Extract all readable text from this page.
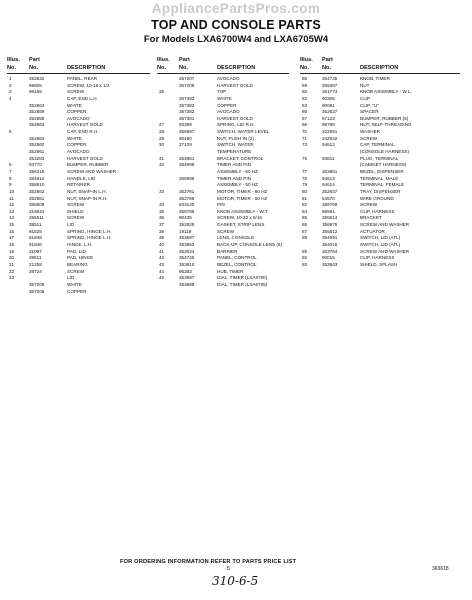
AppliancePartsPros.com
TOP AND CONSOLE PARTS
For Models LXA6700W4 and LXA6705W4
Illus.
No.
Part
No.	DESCRIPTION
1	353632	PANEL, REAR
2	98505	SCREW, 10-16 x 1/2
3	98159	SCREW
4	CAP, END L.H.
352863	WHITE
352859	COPPER
352858	AVOCADO
352863	HARVEST GOLD
5	CAP, END R.H.
352862	WHITE
352860	COPPER
352861	AVOCADO
353283	HARVEST GOLD
6	93770	BUMPER, RUBBER
7	356316	SCREW AND WASHER
8	354814	HANDLE, LID
9	358810	RETAINER
10	352862	NUT, SNAP-IN L.H.
11	352861	NUT, SNAP-IN R.H.
12	355509	SCREW
13	316644	SHIELD
14	355511	SCREW
15	38511	LID
16	91825	SPRING, HINGE L.H.
17	91848	SPRING, HINGE L.H.
18	91846	HINGE, L.H.
19	31097	PAD, LID
20	38511	PAD, HINGE
21	21258	BEARING
22	38724	SCREW
23	LID
367205	WHITE
367206	COPPER
Illus.
No.
Part
No.	DESCRIPTION
367207	AVOCADO
367208	HARVEST GOLD
25	TOP
367383	WHITE
367383	COPPER
367382	AVOCADO
367381	HARVEST GOLD
27	93399	SPRING, LID R.H.
28	356997	SWITCH, WATER LEVEL
29	90460	NUT, PUSH IN (2)
30	37129	SWITCH, WATER
TEMPERATURE
31	354861	BRACKET, CONTROL
32	364996	TIMER AND PIN
ASSEMBLY - 60 HZ
366995	TIMER AND PIN
ASSEMBLY - 50 HZ
33	362761	MOTOR, TIMER - 60 HZ
362766	MOTOR, TIMER - 50 HZ
34	643120	PIN
35	356786	KNOB ASSEMBLY - W.T.
36	90435	SCREW, 10-32 x 5/16
37	352829	GASKET, STRIP LENS
38	19119	SCREW
39	353687	LENS, CONSOLE
40	353853	BACK-UP, CONSOLE LENS (6)
41	353024	BARRIER
42	354745	PANEL, CONTROL
43	353810	BEZEL, CONTROL
44	95383	HUB, TIMER
45	353687	DIAL, TIMER (LXA6700)
353688	DIAL, TIMER (LXA6705)
Illus.
No.
Part
No.	DESCRIPTION
58	354735	KNOB, TIMER
59	355397	NUT
60	361773	KNOB ASSEMBLY - W.L.
62	90305	CLIP
63	90081	CLIP, "U"
66	352637	SPACER
67	97123	BUMPER, RUBBER (6)
68	98788	NUT, SELF-THREADING
70	222591	WASHER
71	242842	SCREW
73	94612	CAP, TERMINAL
(CONSOLE HARNESS)
76	94611	PLUG, TERMINAL
(CABINET HARNESS)
77	353861	BEZEL, DISPENSER
78	94613	TERMINAL, MALE
79	94614	TERMINAL, FEMALE
80	352837	TRAY, DISPENSER
81	54570	WIRE GROUND
82	389769	SCREW
84	98591	CLIP, HARNESS
85	355514	BRACKET
86	356975	SCREW AND WASHER
87	355812	ACTUATOR
88	354091	SWITCH, LID (ATL)
354016	SWITCH, LID (ATL)
89	353764	SCREW AND WASHER
92	90015	CLIP, HARNESS
93	353643	SHIELD, SPLASH
FOR ORDERING INFORMATION REFER TO PARTS PRICE LIST
5	363618
310-6-5
